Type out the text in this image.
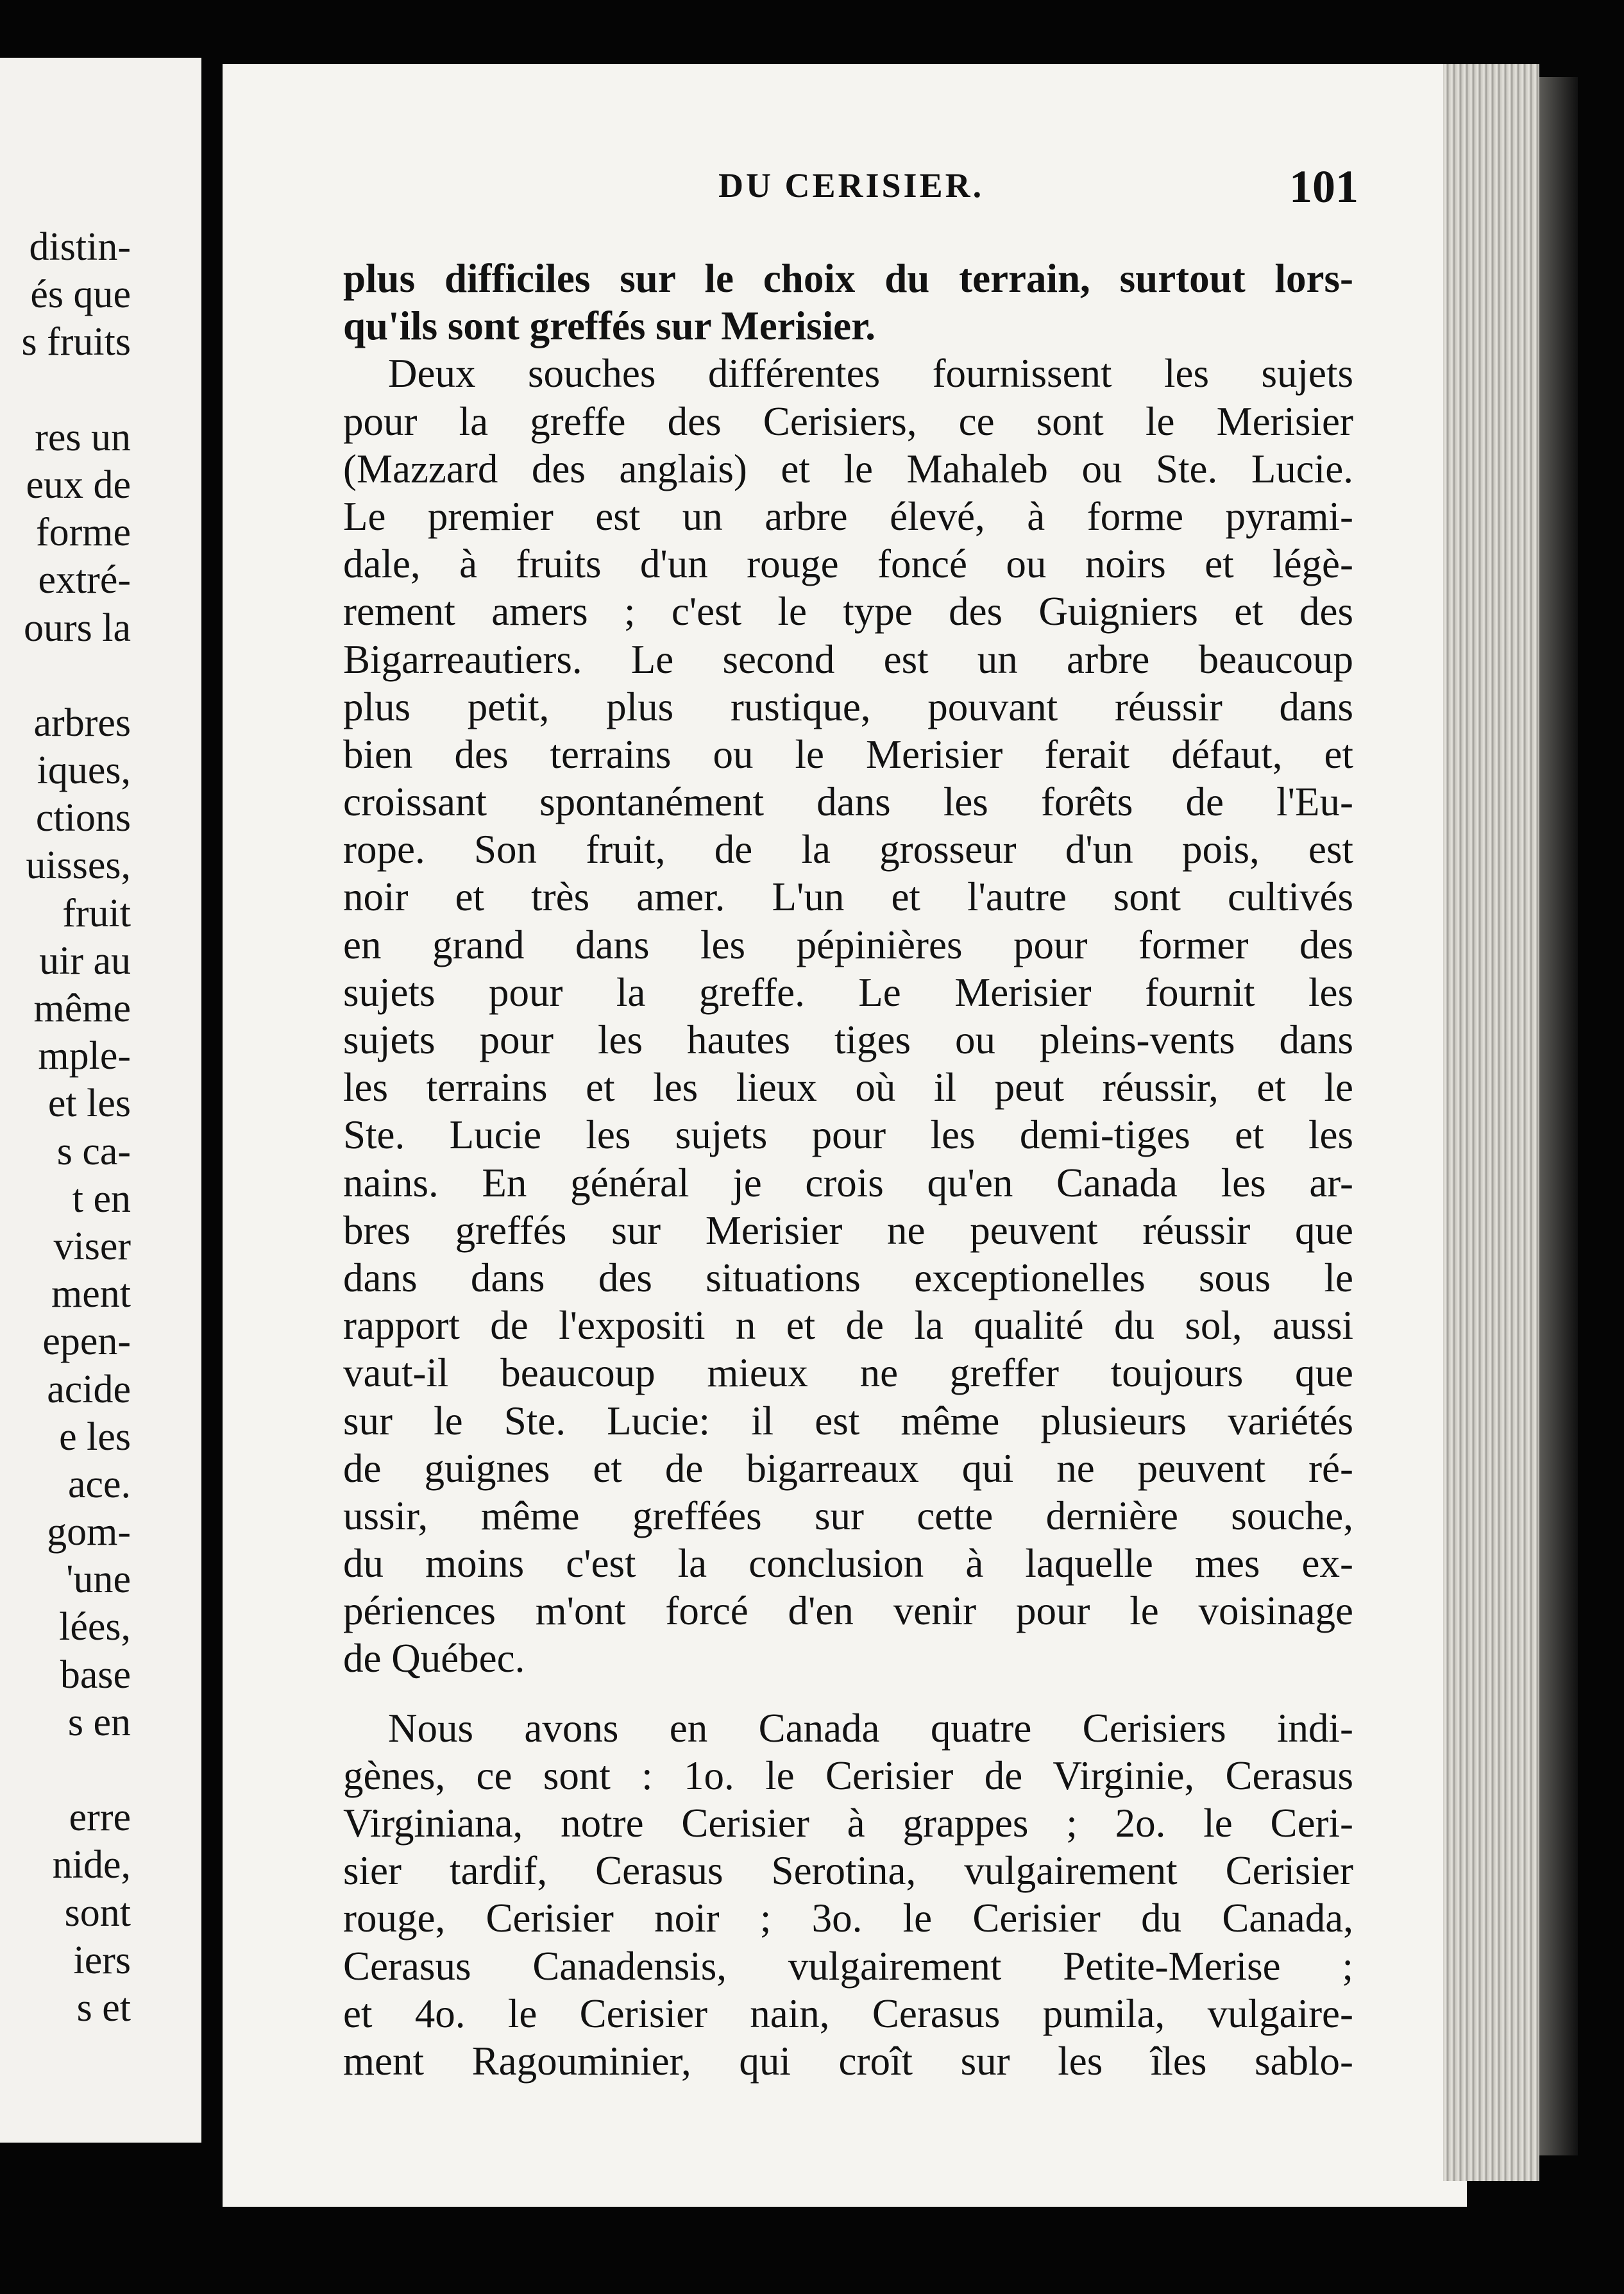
distin-
és que
s fruits
res un
eux de
forme
extré-
ours la
arbres
iques,
ctions
uisses,
fruit
uir au
même
mple-
et les
s ca-
t en
viser
ment
epen-
acide
e les
ace.
gom-
'une
lées,
base
s en
erre
nide,
sont
iers
s et
DU CERISIER.	101
plus difficiles sur le choix du terrain, surtout lors-
qu'ils sont greffés sur Merisier.
Deux souches différentes fournissent les sujets
pour la greffe des Cerisiers, ce sont le Merisier
(Mazzard des anglais) et le Mahaleb ou Ste. Lucie.
Le premier est un arbre élevé, à forme pyrami-
dale, à fruits d'un rouge foncé ou noirs et légè-
rement amers ; c'est le type des Guigniers et des
Bigarreautiers. Le second est un arbre beaucoup
plus petit, plus rustique, pouvant réussir dans
bien des terrains ou le Merisier ferait défaut, et
croissant spontanément dans les forêts de l'Eu-
rope. Son fruit, de la grosseur d'un pois, est
noir et très amer. L'un et l'autre sont cultivés
en grand dans les pépinières pour former des
sujets pour la greffe. Le Merisier fournit les
sujets pour les hautes tiges ou pleins-vents dans
les terrains et les lieux où il peut réussir, et le
Ste. Lucie les sujets pour les demi-tiges et les
nains. En général je crois qu'en Canada les ar-
bres greffés sur Merisier ne peuvent réussir que
dans dans des situations exceptionelles sous le
rapport de l'expositi n et de la qualité du sol, aussi
vaut-il beaucoup mieux ne greffer toujours que
sur le Ste. Lucie: il est même plusieurs variétés
de guignes et de bigarreaux qui ne peuvent ré-
ussir, même greffées sur cette dernière souche,
du moins c'est la conclusion à laquelle mes ex-
périences m'ont forcé d'en venir pour le voisinage
de Québec.
Nous avons en Canada quatre Cerisiers indi-
gènes, ce sont : 1o. le Cerisier de Virginie, Cerasus
Virginiana, notre Cerisier à grappes ; 2o. le Ceri-
sier tardif, Cerasus Serotina, vulgairement Cerisier
rouge, Cerisier noir ; 3o. le Cerisier du Canada,
Cerasus Canadensis, vulgairement Petite-Merise ;
et 4o. le Cerisier nain, Cerasus pumila, vulgaire-
ment Ragouminier, qui croît sur les îles sablo-
